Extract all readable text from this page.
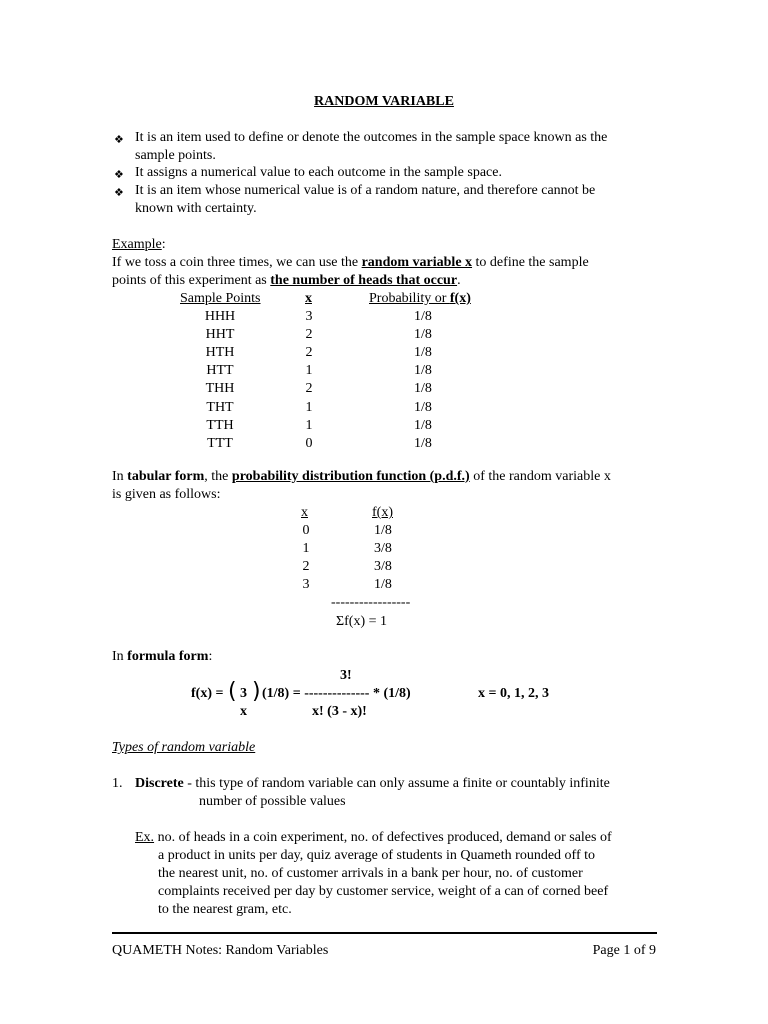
RANDOM VARIABLE
❖ It is an item used to define or denote the outcomes in the sample space known as the
sample points.
❖ It assigns a numerical value to each outcome in the sample space.
❖ It is an item whose numerical value is of a random nature, and therefore cannot be
known with certainty.
Example:
If we toss a coin three times, we can use the random variable x to define the sample
points of this experiment as the number of heads that occur.
Sample Points	x	Probability or f(x)
HHH	3	1/8
HHT	2	1/8
HTH	2	1/8
HTT	1	1/8
THH	2	1/8
THT	1	1/8
TTH	1	1/8
TTT	0	1/8
In tabular form, the probability distribution function (p.d.f.) of the random variable x
is given as follows:
x	f(x)
0	1/8
1	3/8
2	3/8
3	1/8
-----------------
Σf(x) = 1
In formula form:
3!
f(x) = ( 3
x
) (1/8) = -------------- * (1/8)
x! (3 - x)!
x = 0, 1, 2, 3
Types of random variable
1. Discrete - this type of random variable can only assume a finite or countably infinite
number of possible values
Ex. no. of heads in a coin experiment, no. of defectives produced, demand or sales of
a product in units per day, quiz average of students in Quameth rounded off to
the nearest unit, no. of customer arrivals in a bank per hour, no. of customer
complaints received per day by customer service, weight of a can of corned beef
to the nearest gram, etc.
QUAMETH Notes: Random Variables	Page 1 of 9
